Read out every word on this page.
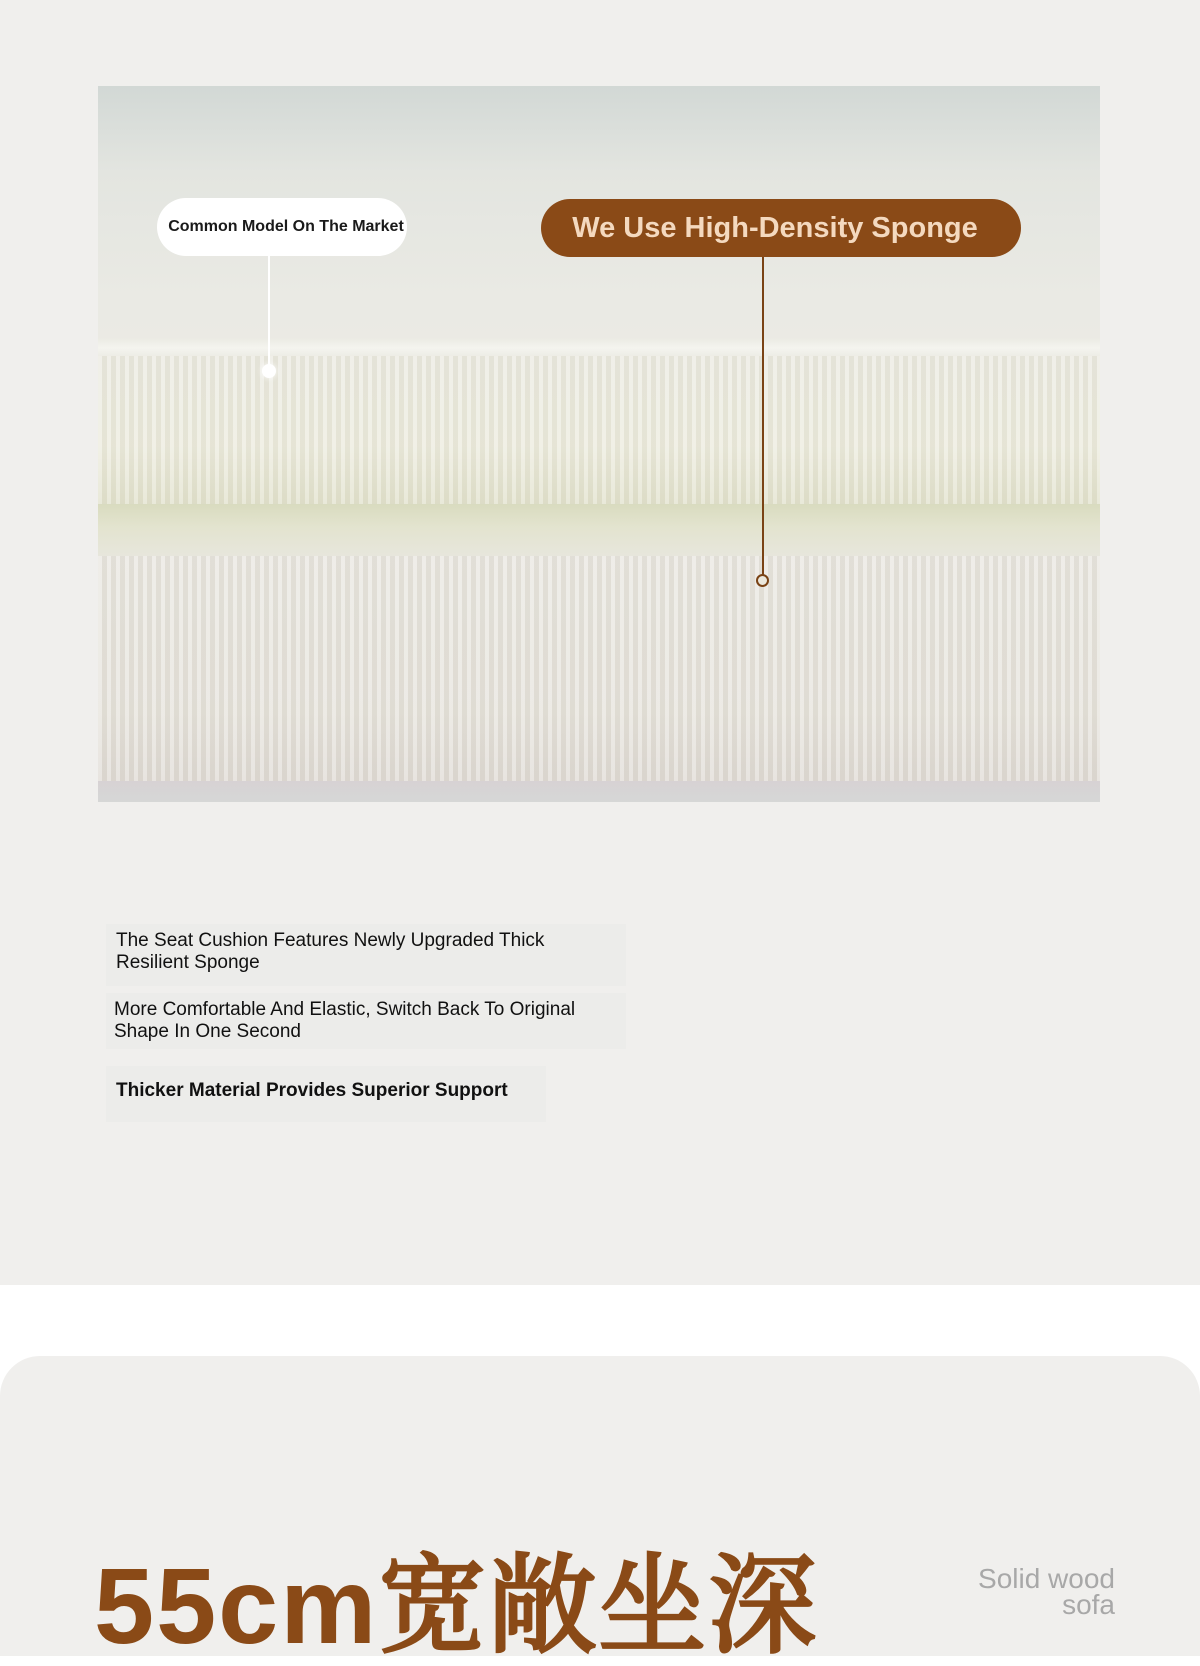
Common Model On The Market	We Use High-Density Sponge
The Seat Cushion Features Newly Upgraded Thick Resilient Sponge
More Comfortable And Elastic, Switch Back To Original Shape In One Second
Thicker Material Provides Superior Support
55cm宽敞坐深	Solid wood
sofa
